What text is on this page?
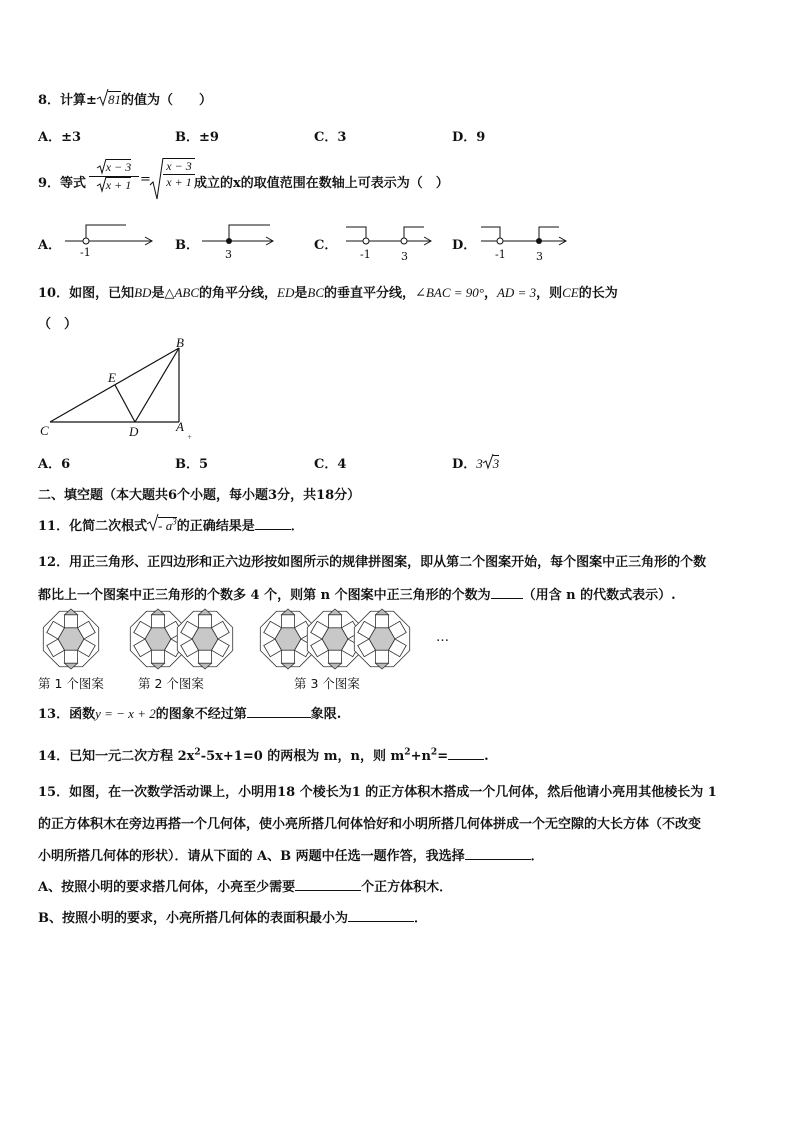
8．计算± 81的值为（　　）
A．±3	B．±9	C．3	D．9
9．等式
x − 3
$x + 1 = \frac{x - 3}{x + 1}$ 成立的x的取值范围在数轴上可表示为（　）
A． -1	B．
3
C．
-1	3
D．
-1	3
10．如图，已知BD是△ABC的角平分线，ED是BC的垂直平分线，∠BAC = 90°，AD = 3，则CE的长为
（　）
+
B
E
C	D	A
A．6	B．5	C．4	D．3 3
二、填空题（本大题共6个小题，每小题3分，共18分）
11．化简二次根式 - $a^3$的正确结果是	．
12．用正三角形、正四边形和正六边形按如图所示的规律拼图案，即从第二个图案开始，每个图案中正三角形的个数
都比上一个图案中正三角形的个数多 4 个，则第 n 个图案中正三角形的个数为 （用含 n 的代数式表示）.
…
第 1 个图案	第 2 个图案	第 3 个图案
13．函数y = − x + 2的图象不经过第	象限.
14．已知一元二次方程 $2x^2-5x+1=0$ 的两根为 m，n，则 $m^2+n^2=$	.
15．如图，在一次数学活动课上，小明用18 个棱长为1 的正方体积木搭成一个几何体，然后他请小亮用其他棱长为 1
的正方体积木在旁边再搭一个几何体，使小亮所搭几何体恰好和小明所搭几何体拼成一个无空隙的大长方体（不改变
小明所搭几何体的形状）．请从下面的 A、B 两题中任选一题作答，我选择	．
A、按照小明的要求搭几何体，小亮至少需要	个正方体积木．
B、按照小明的要求，小亮所搭几何体的表面积最小为	．
